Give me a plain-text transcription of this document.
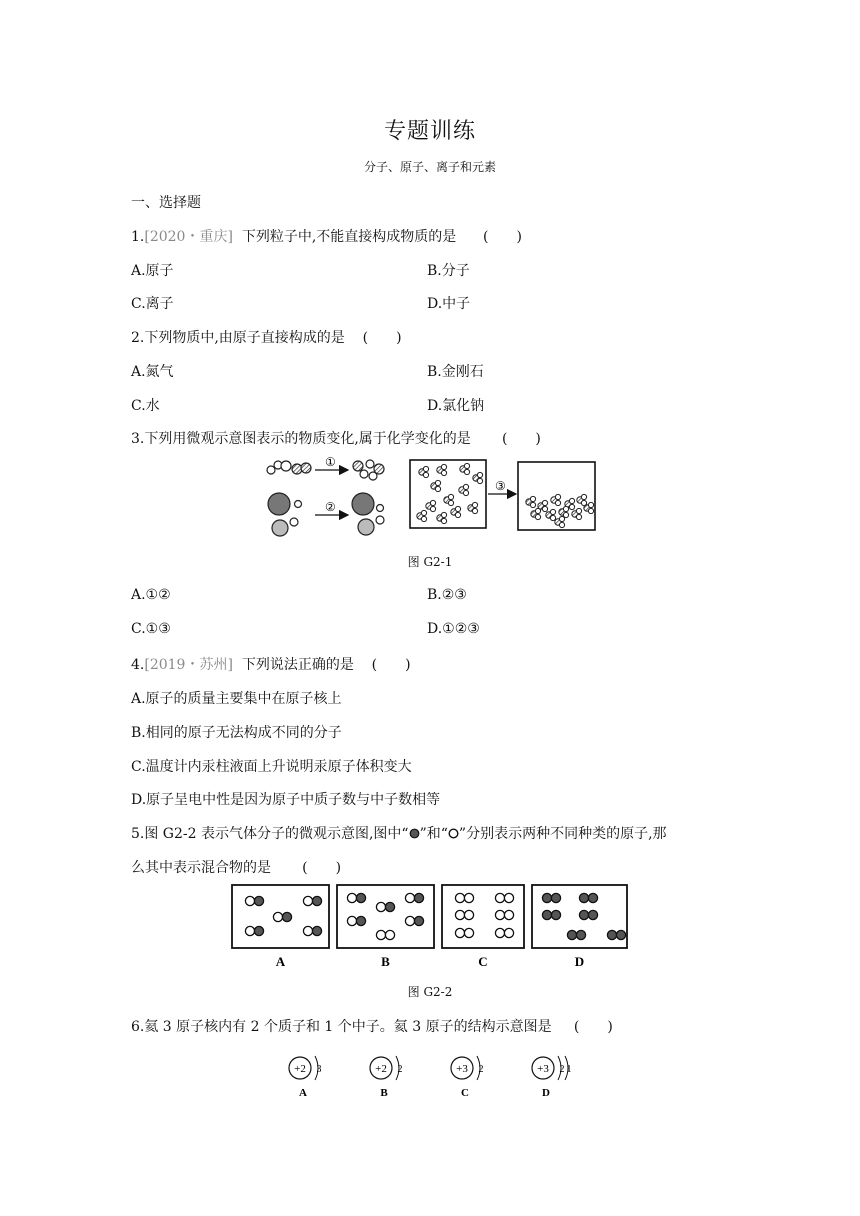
专题训练
分子、原子、离子和元素
一、选择题
1.[2020・重庆] 下列粒子中,不能直接构成物质的是 (　　)
A.原子	B.分子
C.离子	D.中子
2.下列物质中,由原子直接构成的是 (　　)
A.氮气	B.金刚石
C.水	D.氯化钠
3.下列用微观示意图表示的物质变化,属于化学变化的是 (　　)
①
②
③
图 G2-1
A.①②	B.②③
C.①③	D.①②③
4.[2019・苏州] 下列说法正确的是 (　　)
A.原子的质量主要集中在原子核上
B.相同的原子无法构成不同的分子
C.温度计内汞柱液面上升说明汞原子体积变大
D.原子呈电中性是因为原子中质子数与中子数相等
5.图 G2-2 表示气体分子的微观示意图,图中“ ”和“ ”分别表示两种不同种类的原子,那
么其中表示混合物的是 (　　)
A	B	C	D
图 G2-2
6.氦 3 原子核内有 2 个质子和 1 个中子。氦 3 原子的结构示意图是 (　　)
+2 3
A
+2 2
B
+3 2
C
+3 2 1
D
